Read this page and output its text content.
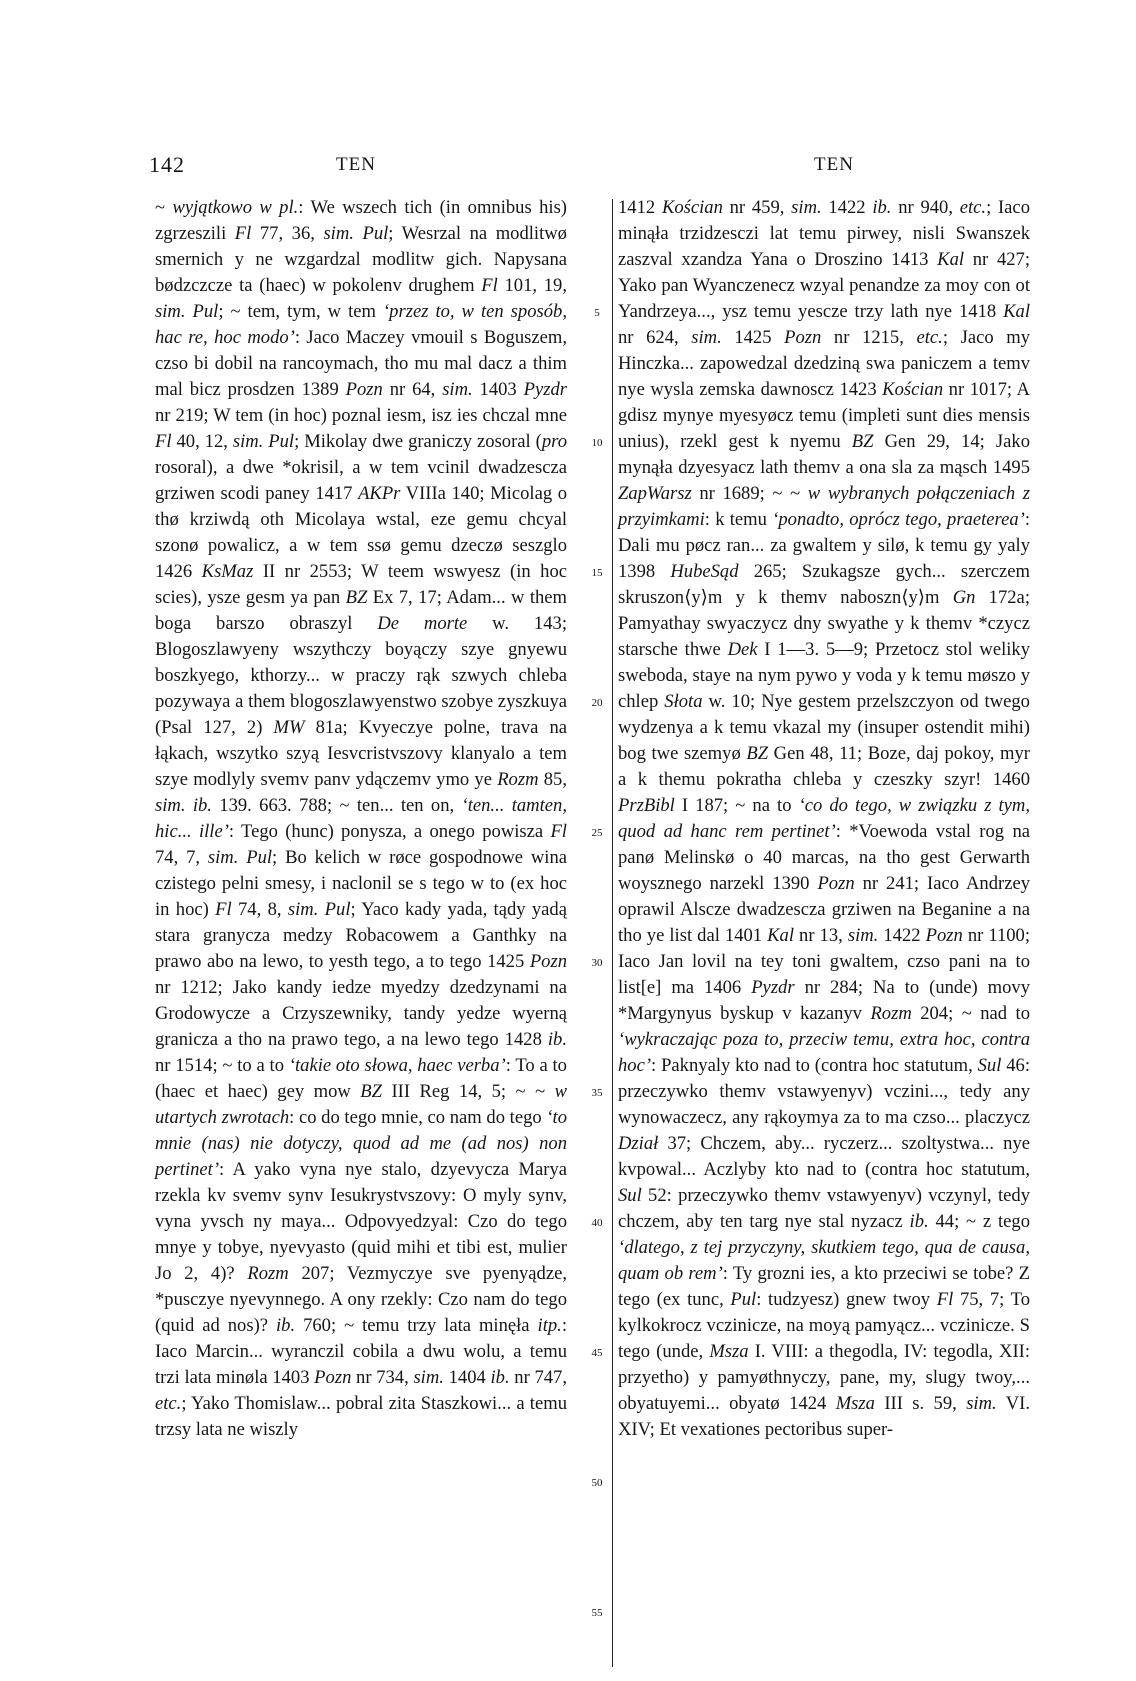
142	TEN	TEN

~ wyjątkowo w pl.: We wszech tich (in omnibus his) zgrzeszili Fl 77, 36, sim. Pul; Wesrzal na modlitwø smernich y ne wzgardzal modlitw gich. Napysana bødzczcze ta (haec) w pokolenv drughem Fl 101, 19, sim. Pul; ~ tem, tym, w tem ‘przez to, w ten sposób, hac re, hoc modo’: Jaco Maczey vmouil s Boguszem, czso bi dobil na rancoymach, tho mu mal dacz a thim mal bicz prosdzen 1389 Pozn nr 64, sim. 1403 Pyzdr nr 219; W tem (in hoc) poznal iesm, isz ies chczal mne Fl 40, 12, sim. Pul; Mikolay dwe graniczy zosoral (pro rosoral), a dwe *okrisil, a w tem vcinil dwadzescza grziwen scodi paney 1417 AKPr VIIIa 140; Micolag o thø krziwdą oth Micolaya wstal, eze gemu chcyal szonø powalicz, a w tem ssø gemu dzeczø seszglo 1426 KsMaz II nr 2553; W teem wswyesz (in hoc scies), ysze gesm ya pan BZ Ex 7, 17; Adam... w them boga barszo obraszyl De morte w. 143; Blogoszlawyeny wszythczy boyączy szye gnyewu boszkyego, kthorzy... w praczy rąk szwych chleba pozywaya a them blogoszlawyenstwo szobye zyszkuya (Psal 127, 2) MW 81a; Kvyeczye polne, trava na łąkach, wszytko szyą Iesvcristvszovy klanyalo a tem szye modlyly svemv panv ydączemv ymo ye Rozm 85, sim. ib. 139. 663. 788; ~ ten... ten on, ‘ten... tamten, hic... ille’: Tego (hunc) ponysza, a onego powisza Fl 74, 7, sim. Pul; Bo kelich w røce gospodnowe wina czistego pelni smesy, i naclonil se s tego w to (ex hoc in hoc) Fl 74, 8, sim. Pul; Yaco kady yada, tądy yadą stara granycza medzy Robacowem a Ganthky na prawo abo na lewo, to yesth tego, a to tego 1425 Pozn nr 1212; Jako kandy iedze myedzy dzedzynami na Grodowycze a Crzyszewniky, tandy yedze wyerną granicza a tho na prawo tego, a na lewo tego 1428 ib. nr 1514; ~ to a to ‘takie oto słowa, haec verba’: To a to (haec et haec) gey mow BZ III Reg 14, 5; ~ ~ w utartych zwrotach: co do tego mnie, co nam do tego ‘to mnie (nas) nie dotyczy, quod ad me (ad nos) non pertinet’: A yako vyna nye stalo, dzyevycza Marya rzekla kv svemv synv Iesukrystvszovy: O myly synv, vyna yvsch ny maya... Odpovyedzyal: Czo do tego mnye y tobye, nyevyasto (quid mihi et tibi est, mulier Jo 2, 4)? Rozm 207; Vezmyczye sve pyenyądze, *pusczye nyevynnego. A ony rzekly: Czo nam do tego (quid ad nos)? ib. 760; ~ temu trzy lata minęła itp.: Iaco Marcin... wyranczil cobila a dwu wolu, a temu trzi lata minøla 1403 Pozn nr 734, sim. 1404 ib. nr 747, etc.; Yako Thomislaw... pobral zita Staszkowi... a temu trzsy lata ne wiszly

5
10
15
20
25
30
35
40
45
50
55

1412 Kościan nr 459, sim. 1422 ib. nr 940, etc.; Iaco minąła trzidzesczi lat temu pirwey, nisli Swanszek zaszval xzandza Yana o Droszino 1413 Kal nr 427; Yako pan Wyanczenecz wzyal penandze za moy con ot Yandrzeya..., ysz temu yescze trzy lath nye 1418 Kal nr 624, sim. 1425 Pozn nr 1215, etc.; Jaco my Hinczka... zapowedzal dzedziną swa paniczem a temv nye wysla zemska dawnoscz 1423 Kościan nr 1017; A gdisz mynye myesyøcz temu (impleti sunt dies mensis unius), rzekl gest k nyemu BZ Gen 29, 14; Jako mynąła dzyesyacz lath themv a ona sla za mąsch 1495 ZapWarsz nr 1689; ~ ~ w wybranych połączeniach z przyimkami: k temu ‘ponadto, oprócz tego, praeterea’: Dali mu pøcz ran... za gwaltem y silø, k temu gy yaly 1398 HubeSąd 265; Szukagsze gych... szerczem skruszon⟨y⟩m y k themv naboszn⟨y⟩m Gn 172a; Pamyathay swyaczycz dny swyathe y k themv *czycz starsche thwe Dek I 1—3. 5—9; Przetocz stol weliky sweboda, staye na nym pywo y voda y k temu møszo y chlep Słota w. 10; Nye gestem przelszczyon od twego wydzenya a k temu vkazal my (insuper ostendit mihi) bog twe szemyø BZ Gen 48, 11; Boze, daj pokoy, myr a k themu pokratha chleba y czeszky szyr! 1460 PrzBibl I 187; ~ na to ‘co do tego, w związku z tym, quod ad hanc rem pertinet’: *Voewoda vstal rog na panø Melinskø o 40 marcas, na tho gest Gerwarth woysznego narzekl 1390 Pozn nr 241; Iaco Andrzey oprawil Alscze dwadzescza grziwen na Beganine a na tho ye list dal 1401 Kal nr 13, sim. 1422 Pozn nr 1100; Iaco Jan lovil na tey toni gwaltem, czso pani na to list[e] ma 1406 Pyzdr nr 284; Na to (unde) movy *Margynyus byskup v kazanyv Rozm 204; ~ nad to ‘wykraczając poza to, przeciw temu, extra hoc, contra hoc’: Paknyaly kto nad to (contra hoc statutum, Sul 46: przeczywko themv vstawyenyv) vczini..., tedy any wynowaczecz, any rąkoymya za to ma czso... placzycz Dział 37; Chczem, aby... ryczerz... szoltystwa... nye kvpowal... Aczlyby kto nad to (contra hoc statutum, Sul 52: przeczywko themv vstawyenyv) vczynyl, tedy chczem, aby ten targ nye stal nyzacz ib. 44; ~ z tego ‘dlatego, z tej przyczyny, skutkiem tego, qua de causa, quam ob rem’: Ty grozni ies, a kto przeciwi se tobe? Z tego (ex tunc, Pul: tudzyesz) gnew twoy Fl 75, 7; To kylkokrocz vczinicze, na moyą pamyącz... vczinicze. S tego (unde, Msza I. VIII: a thegodla, IV: tegodla, XII: przyetho) y pamyøthnyczy, pane, my, slugy twoy,... obyatuyemi... obyatø 1424 Msza III s. 59, sim. VI. XIV; Et vexationes pectoribus super-
